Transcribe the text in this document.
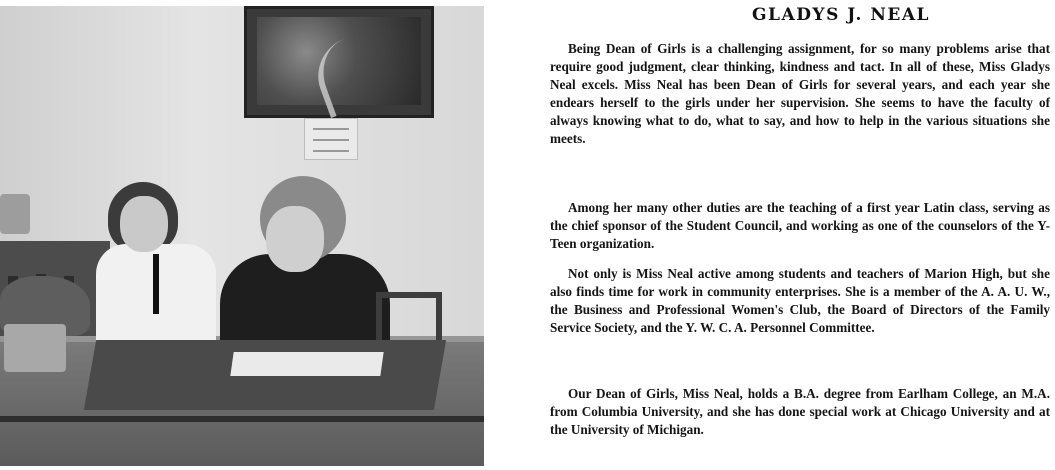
GLADYS J. NEAL

Being Dean of Girls is a challenging assignment, for so many problems arise that require good judgment, clear thinking, kindness and tact. In all of these, Miss Gladys Neal excels. Miss Neal has been Dean of Girls for several years, and each year she endears herself to the girls under her supervision. She seems to have the faculty of always knowing what to do, what to say, and how to help in the various situations she meets.

Among her many other duties are the teaching of a first year Latin class, serving as the chief sponsor of the Student Council, and working as one of the counselors of the Y-Teen organization.

Not only is Miss Neal active among students and teachers of Marion High, but she also finds time for work in community enterprises. She is a member of the A. A. U. W., the Business and Professional Women's Club, the Board of Directors of the Family Service Society, and the Y. W. C. A. Personnel Committee.

Our Dean of Girls, Miss Neal, holds a B.A. degree from Earlham College, an M.A. from Columbia University, and she has done special work at Chicago University and at the University of Michigan.
